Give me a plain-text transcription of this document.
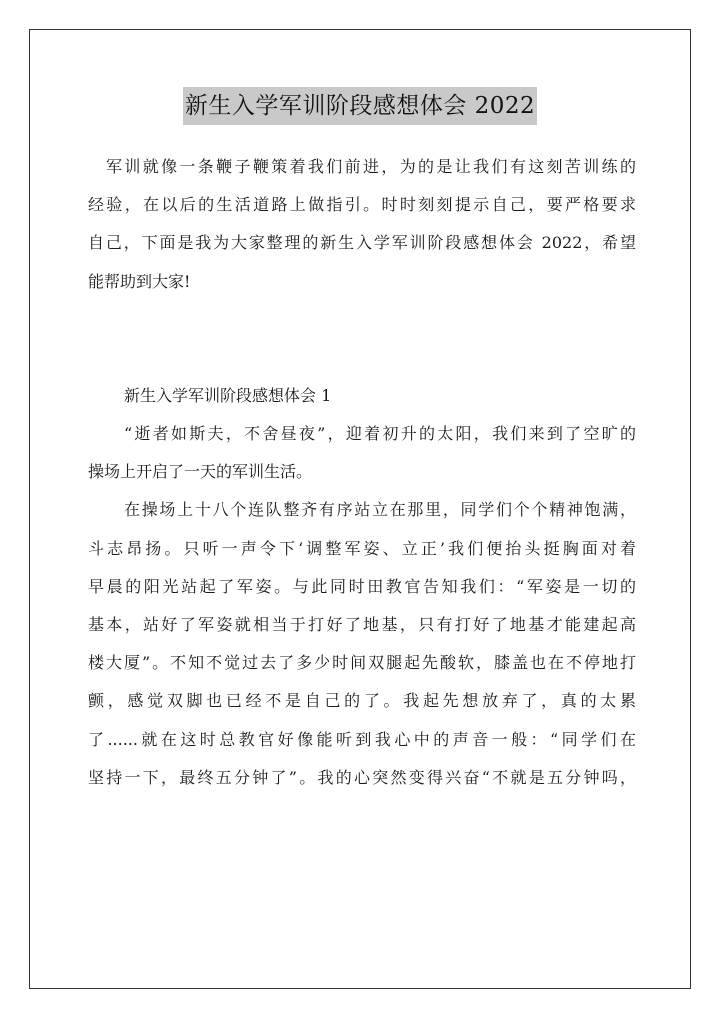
新生入学军训阶段感想体会 2022

军训就像一条鞭子鞭策着我们前进，为的是让我们有这刻苦训练的
经验，在以后的生活道路上做指引。时时刻刻提示自己，要严格要求
自己，下面是我为大家整理的新生入学军训阶段感想体会 2022，希望
能帮助到大家!

新生入学军训阶段感想体会 1

“逝者如斯夫，不舍昼夜”，迎着初升的太阳，我们来到了空旷的
操场上开启了一天的军训生活。

在操场上十八个连队整齐有序站立在那里，同学们个个精神饱满，
斗志昂扬。只听一声令下‘调整军姿、立正’我们便抬头挺胸面对着
早晨的阳光站起了军姿。与此同时田教官告知我们：“军姿是一切的
基本，站好了军姿就相当于打好了地基，只有打好了地基才能建起高
楼大厦”。不知不觉过去了多少时间双腿起先酸软，膝盖也在不停地打
颤，感觉双脚也已经不是自己的了。我起先想放弃了，真的太累
了......就在这时总教官好像能听到我心中的声音一般：“同学们在
坚持一下，最终五分钟了”。我的心突然变得兴奋“不就是五分钟吗，
